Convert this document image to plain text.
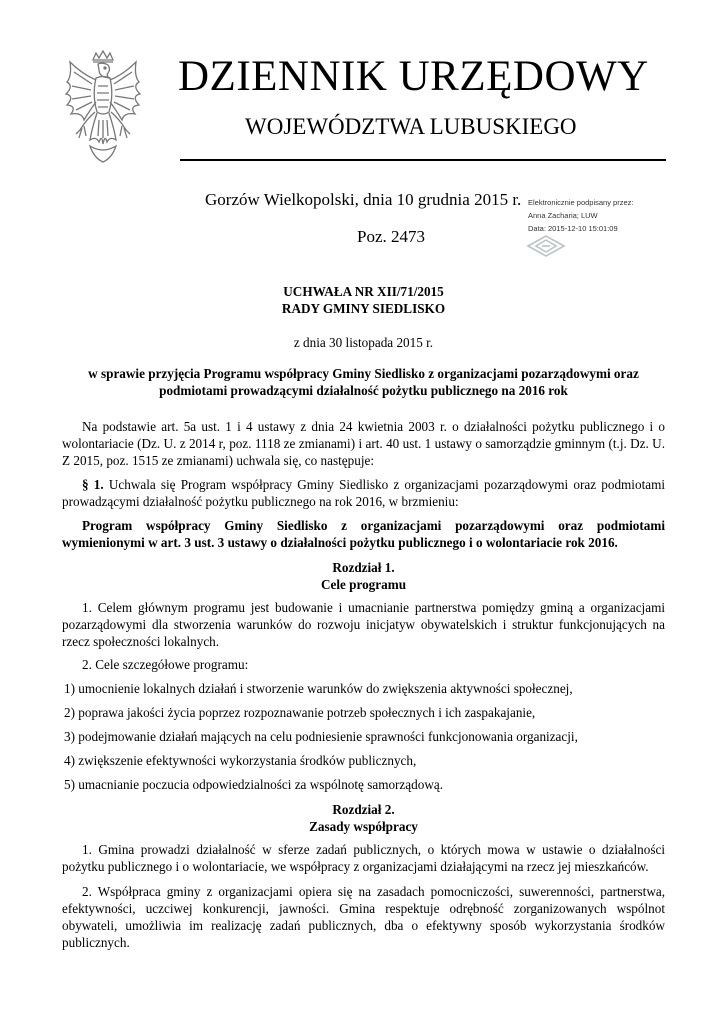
DZIENNIK URZĘDOWY
WOJEWÓDZTWA LUBUSKIEGO
Gorzów Wielkopolski, dnia 10 grudnia 2015 r.
Poz. 2473
Elektronicznie podpisany przez:
Anna Zacharia; LUW
Data: 2015-12-10 15:01:09

UCHWAŁA NR XII/71/2015

RADY GMINY SIEDLISKO

z dnia 30 listopada 2015 r.

w sprawie przyjęcia Programu współpracy Gminy Siedlisko z organizacjami pozarządowymi oraz podmiotami prowadzącymi działalność pożytku publicznego na 2016 rok

Na podstawie art. 5a ust. 1 i 4 ustawy z dnia 24 kwietnia 2003 r. o działalności pożytku publicznego i o wolontariacie (Dz. U. z 2014 r, poz. 1118 ze zmianami) i art. 40 ust. 1 ustawy o samorządzie gminnym (t.j. Dz. U. Z 2015, poz. 1515 ze zmianami) uchwala się, co następuje:

§ 1. Uchwala się Program współpracy Gminy Siedlisko z organizacjami pozarządowymi oraz podmiotami prowadzącymi działalność pożytku publicznego na rok 2016, w brzmieniu:

Program współpracy Gminy Siedlisko z organizacjami pozarządowymi oraz podmiotami wymienionymi w art. 3 ust. 3 ustawy o działalności pożytku publicznego i o wolontariacie rok 2016.

Rozdział 1.

Cele programu

1. Celem głównym programu jest budowanie i umacnianie partnerstwa pomiędzy gminą a organizacjami pozarządowymi dla stworzenia warunków do rozwoju inicjatyw obywatelskich i struktur funkcjonujących na rzecz społeczności lokalnych.

2. Cele szczegółowe programu:

1) umocnienie lokalnych działań i stworzenie warunków do zwiększenia aktywności społecznej,

2) poprawa jakości życia poprzez rozpoznawanie potrzeb społecznych i ich zaspakajanie,

3) podejmowanie działań mających na celu podniesienie sprawności funkcjonowania organizacji,

4) zwiększenie efektywności wykorzystania środków publicznych,

5) umacnianie poczucia odpowiedzialności za wspólnotę samorządową.

Rozdział 2.

Zasady współpracy

1. Gmina prowadzi działalność w sferze zadań publicznych, o których mowa w ustawie o działalności pożytku publicznego i o wolontariacie, we współpracy z organizacjami działającymi na rzecz jej mieszkańców.

2. Współpraca gminy z organizacjami opiera się na zasadach pomocniczości, suwerenności, partnerstwa, efektywności, uczciwej konkurencji, jawności. Gmina respektuje odrębność zorganizowanych wspólnot obywateli, umożliwia im realizację zadań publicznych, dba o efektywny sposób wykorzystania środków publicznych.
